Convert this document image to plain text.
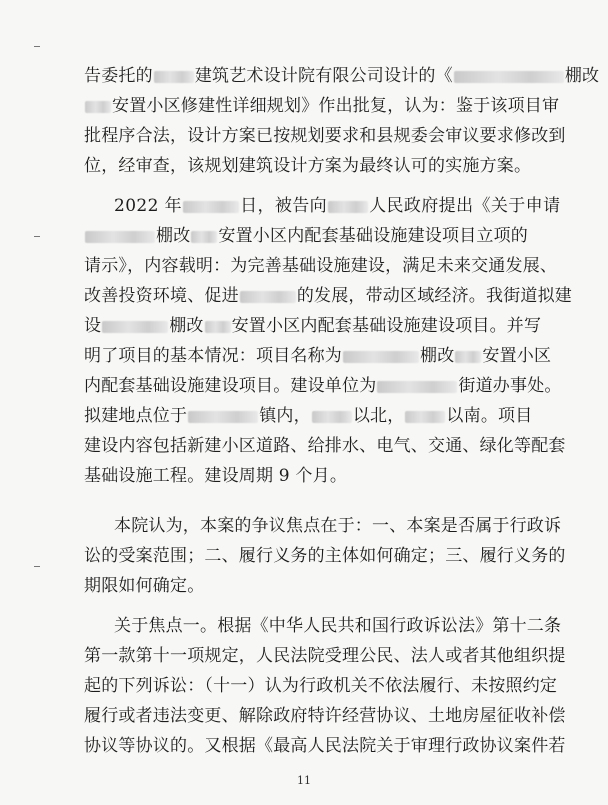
告委托的 建筑艺术设计院有限公司设计的《	棚改
安置小区修建性详细规划》作出批复，认为：鉴于该项目审
批程序合法，设计方案已按规划要求和县规委会审议要求修改到
位，经审查，该规划建筑设计方案为最终认可的实施方案。
2022 年	日，被告向 人民政府提出《关于申请
棚改 安置小区内配套基础设施建设项目立项的
请示》，内容载明：为完善基础设施建设，满足未来交通发展、
改善投资环境、促进	的发展，带动区域经济。我街道拟建
设	棚改 安置小区内配套基础设施建设项目。并写
明了项目的基本情况：项目名称为	棚改 安置小区
内配套基础设施建设项目。建设单位为	街道办事处。
拟建地点位于	镇内， 以北， 以南。项目
建设内容包括新建小区道路、给排水、电气、交通、绿化等配套
基础设施工程。建设周期 9 个月。
本院认为，本案的争议焦点在于：一、本案是否属于行政诉
讼的受案范围；二、履行义务的主体如何确定；三、履行义务的
期限如何确定。
关于焦点一。根据《中华人民共和国行政诉讼法》第十二条
第一款第十一项规定，人民法院受理公民、法人或者其他组织提
起的下列诉讼：（十一）认为行政机关不依法履行、未按照约定
履行或者违法变更、解除政府特许经营协议、土地房屋征收补偿
协议等协议的。又根据《最高人民法院关于审理行政协议案件若
11
